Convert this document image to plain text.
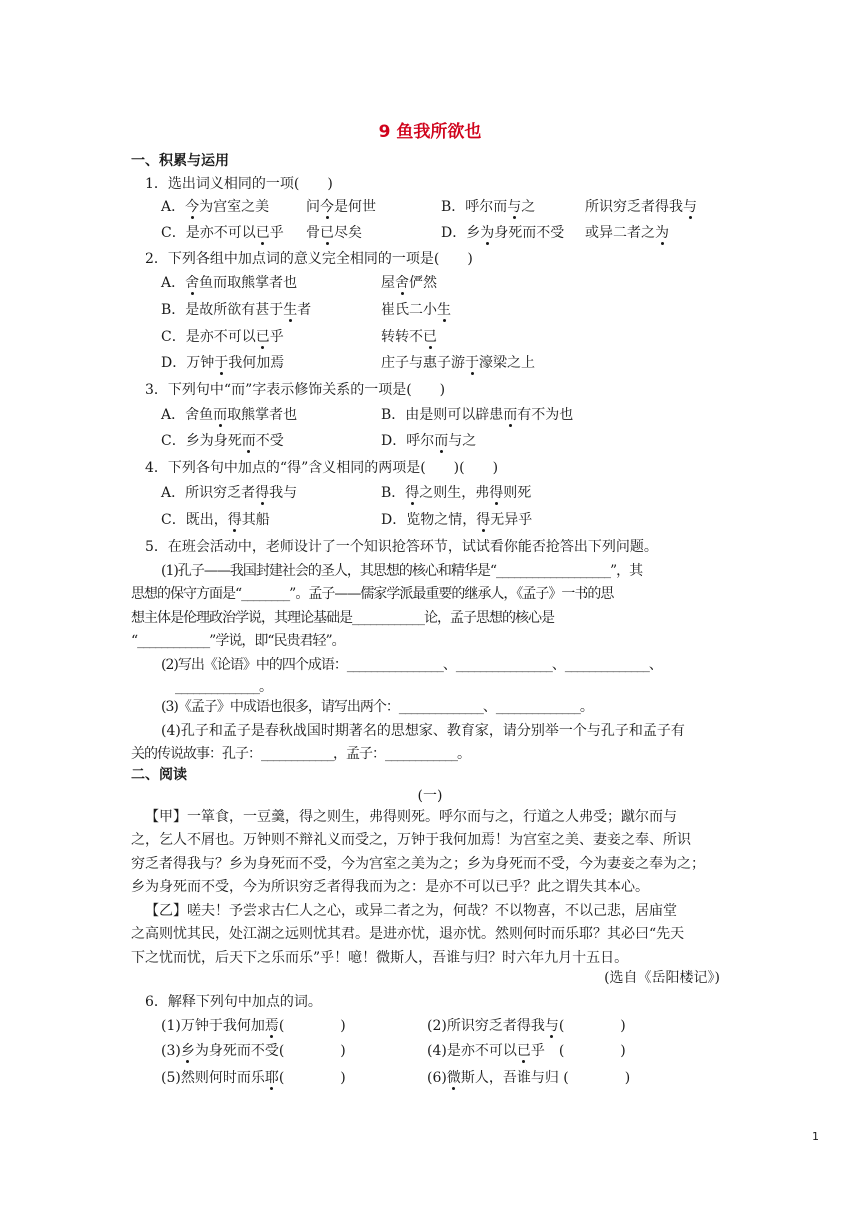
9 鱼我所欲也
一、积累与运用
1．选出词义相同的一项(　　)
A．今为宫室之美	问今是何世	B．呼尔而与之	所识穷乏者得我与
C．是亦不可以已乎 骨已尽矣	D．乡为身死而不受 或异二者之为
2．下列各组中加点词的意义完全相同的一项是(　　)
A．舍鱼而取熊掌者也	屋舍俨然
B．是故所欲有甚于生者	崔氏二小生
C．是亦不可以已乎	转转不已
D．万钟于我何加焉	庄子与惠子游于濠梁之上
3．下列句中“而”字表示修饰关系的一项是(　　)
A．舍鱼而取熊掌者也	B．由是则可以辟患而有不为也
C．乡为身死而不受	D．呼尔而与之
4．下列各句中加点的“得”含义相同的两项是(　　)(　　)
A．所识穷乏者得我与	B．得之则生，弗得则死
C．既出，得其船	D．览物之情，得无异乎
5．在班会活动中，老师设计了一个知识抢答环节，试试看你能否抢答出下列问题。
(1)孔子——我国封建社会的圣人，其思想的核心和精华是“___________________”，其
思想的保守方面是“________”。孟子——儒家学派最重要的继承人，《孟子》一书的思
想主体是伦理政治学说，其理论基础是____________论，孟子思想的核心是
“____________”学说，即“民贵君轻”。
(2)写出《论语》中的四个成语：________________、________________、______________、
______________。
(3)《孟子》中成语也很多，请写出两个：______________、______________。
(4)孔子和孟子是春秋战国时期著名的思想家、教育家，请分别举一个与孔子和孟子有
关的传说故事：孔子：____________，孟子：____________。
二、阅读
(一)
【甲】一箪食，一豆羹，得之则生，弗得则死。呼尔而与之，行道之人弗受；蹴尔而与
之，乞人不屑也。万钟则不辩礼义而受之，万钟于我何加焉！为宫室之美、妻妾之奉、所识
穷乏者得我与？乡为身死而不受，今为宫室之美为之；乡为身死而不受，今为妻妾之奉为之；
乡为身死而不受，今为所识穷乏者得我而为之：是亦不可以已乎？此之谓失其本心。
【乙】嗟夫！予尝求古仁人之心，或异二者之为，何哉？不以物喜，不以己悲，居庙堂
之高则忧其民，处江湖之远则忧其君。是进亦忧，退亦忧。然则何时而乐耶？其必曰“先天
下之忧而忧，后天下之乐而乐”乎！噫！微斯人，吾谁与归？时六年九月十五日。
(选自《岳阳楼记》)
6．解释下列句中加点的词。
(1)万钟于我何加焉(　　　　)	(2)所识穷乏者得我与(　　　　)
(3)乡为身死而不受(　　　　)	(4)是亦不可以已乎　(　　　　)
(5)然则何时而乐耶(　　　　)	(6)微斯人，吾谁与归 (　　　　)
1
